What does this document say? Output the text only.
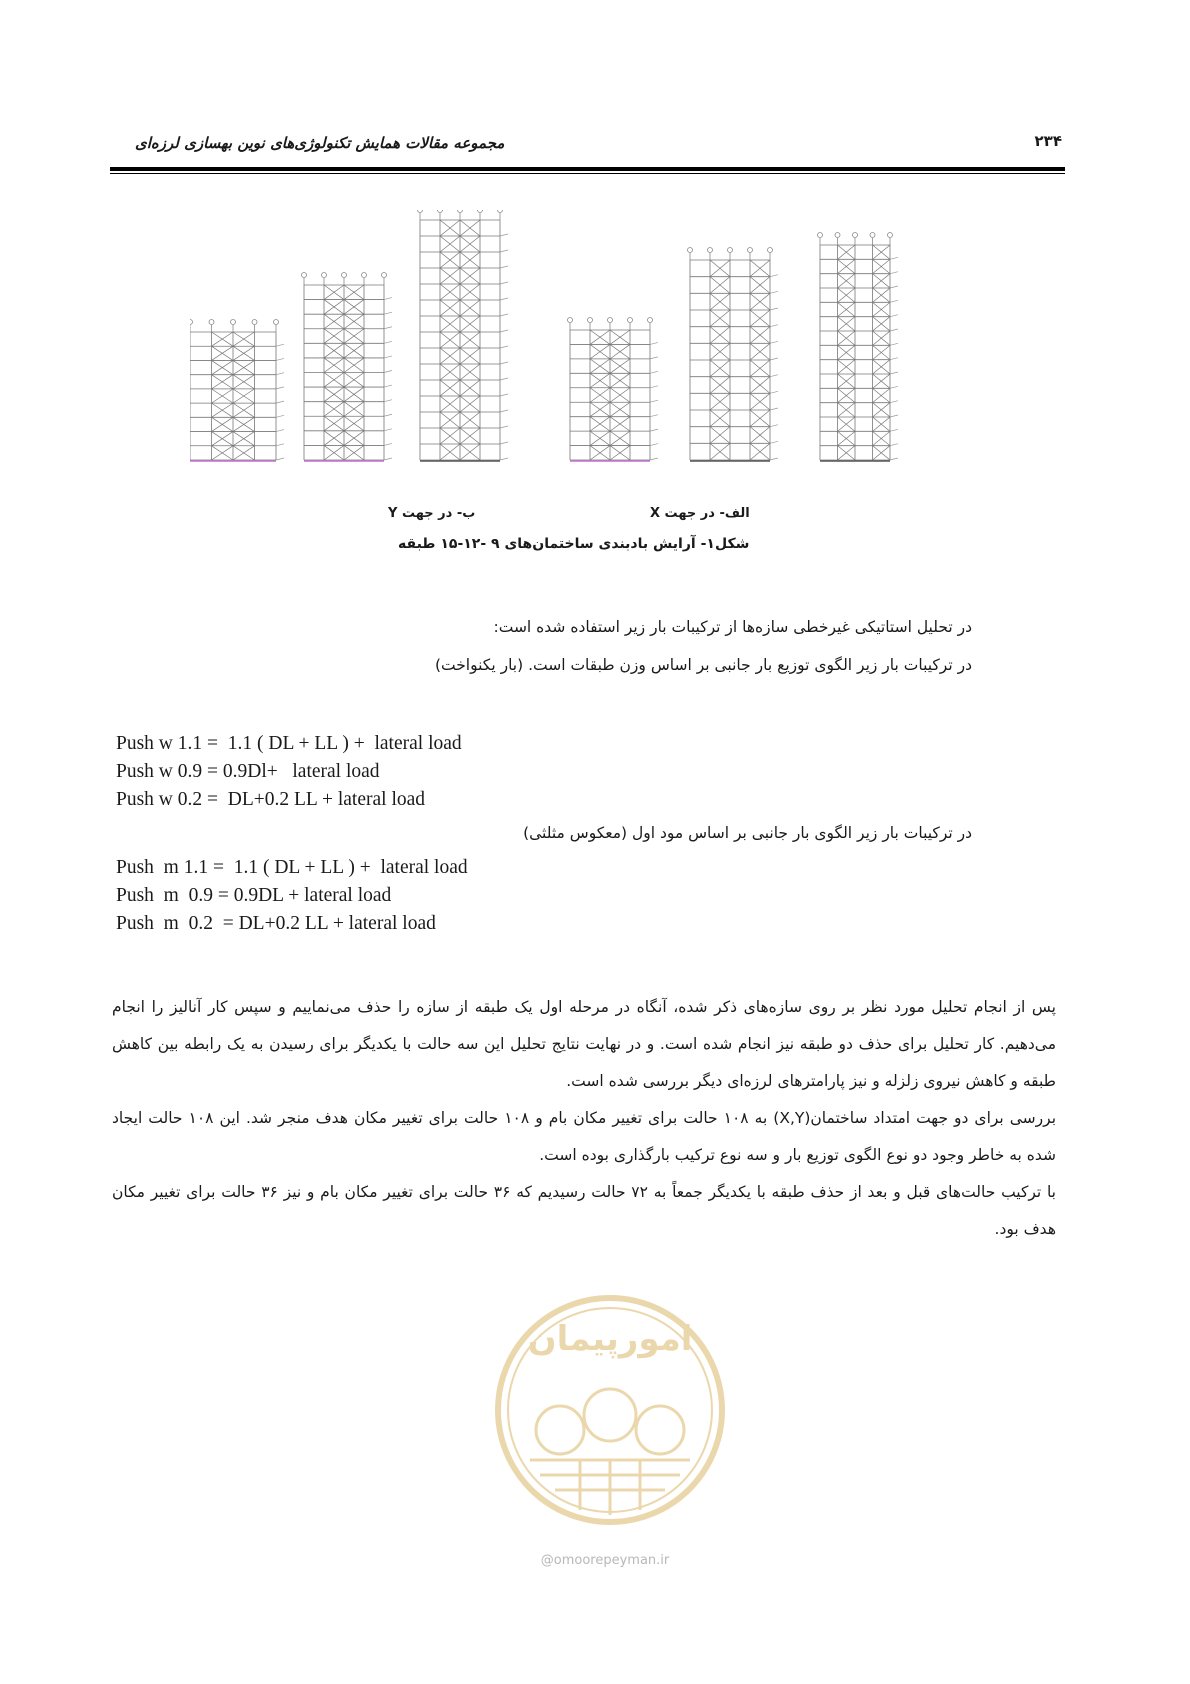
مجموعه مقالات همایش تکنولوژی‌های نوین بهسازی لرزه‌ای	۲۳۴
ب- در جهت Y	الف- در جهت X
شکل۱- آرایش بادبندی ساختمان‌های ۹ -۱۲-۱۵ طبقه
در تحلیل استاتیکی غیرخطی سازه‌ها از ترکیبات بار زیر استفاده شده است:
در ترکیبات بار زیر الگوی توزیع بار جانبی بر اساس وزن طبقات است. (بار یکنواخت)
Push w 1.1 =  1.1 ( DL + LL ) +  lateral load
Push w 0.9 = 0.9Dl+   lateral load
Push w 0.2 =  DL+0.2 LL + lateral load
در ترکیبات بار زیر الگوی بار جانبی بر اساس مود اول (معکوس مثلثی)
Push  m 1.1 =  1.1 ( DL + LL ) +  lateral load
Push  m  0.9 = 0.9DL + lateral load
Push  m  0.2  = DL+0.2 LL + lateral load
پس از انجام تحلیل مورد نظر بر روی سازه‌های ذکر شده، آنگاه در مرحله اول یک طبقه از سازه را حذف می‌نماییم و سپس کار آنالیز را انجام می‌دهیم. کار تحلیل برای حذف دو طبقه نیز انجام شده است. و در نهایت نتایج تحلیل این سه حالت با یکدیگر برای رسیدن به یک رابطه بین کاهش طبقه و کاهش نیروی زلزله و نیز پارامترهای لرزه‌ای دیگر بررسی شده است.
بررسی برای دو جهت امتداد ساختمان(X,Y) به ۱۰۸ حالت برای تغییر مکان بام و ۱۰۸ حالت برای تغییر مکان هدف منجر شد. این ۱۰۸ حالت ایجاد شده به خاطر وجود دو نوع الگوی توزیع بار و سه نوع ترکیب بارگذاری بوده است.
با ترکیب حالت‌های قبل و بعد از حذف طبقه با یکدیگر جمعاً به ۷۲ حالت رسیدیم که ۳۶ حالت برای تغییر مکان بام و نیز ۳۶ حالت برای تغییر مکان هدف بود.
امورپیمان
@omoorepeyman.ir
